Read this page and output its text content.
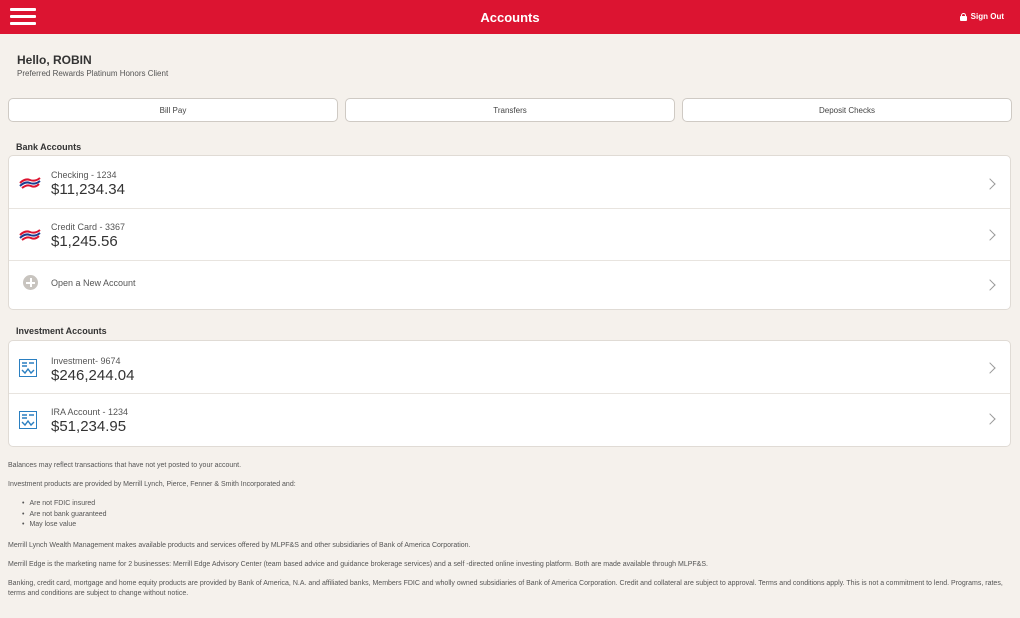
Accounts	Sign Out
Hello, ROBIN
Preferred Rewards Platinum Honors Client
Bill Pay	Transfers	Deposit Checks
Bank Accounts
Checking - 1234
$11,234.34
Credit Card - 3367
$1,245.56
Open a New Account
Investment Accounts
Investment- 9674
$246,244.04
IRA Account - 1234
$51,234.95
Balances may reflect transactions that have not yet posted to your account.
Investment products are provided by Merrill Lynch, Pierce, Fenner & Smith Incorporated and:
• Are not FDIC insured
• Are not bank guaranteed
• May lose value
Merrill Lynch Wealth Management makes available products and services offered by MLPF&S and other subsidiaries of Bank of America Corporation.
Merrill Edge is the marketing name for 2 businesses: Merrill Edge Advisory Center (team based advice and guidance brokerage services) and a self -directed online investing platform. Both are made available through MLPF&S.
Banking, credit card, mortgage and home equity products are provided by Bank of America, N.A. and affiliated banks, Members FDIC and wholly owned subsidiaries of Bank of America Corporation. Credit and collateral are subject to approval. Terms and conditions apply. This is not a commitment to lend. Programs, rates, terms and conditions are subject to change without notice.
